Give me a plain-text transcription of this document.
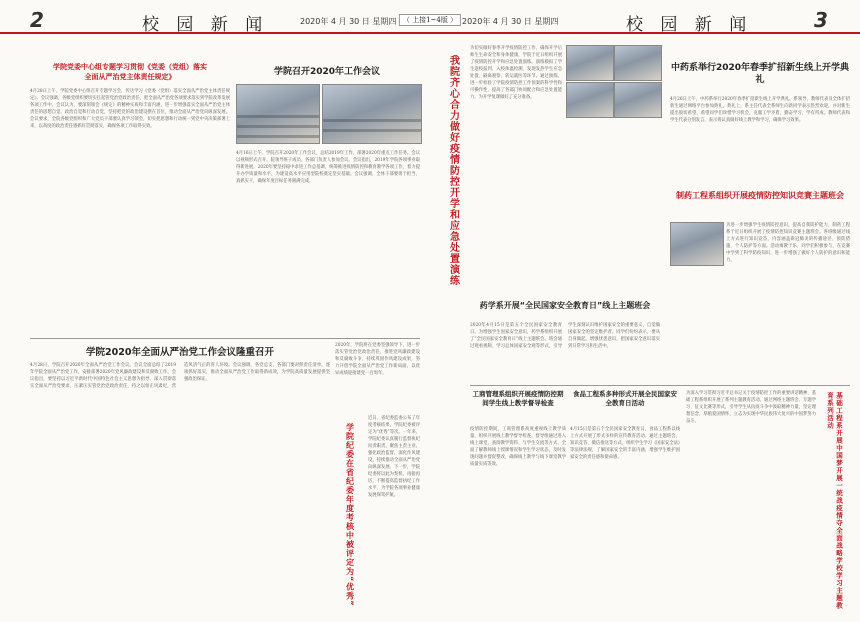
2	校 园 新 闻	2020年 4 月 30 日 星期四
学院党委中心组专题学习贯彻《党委（党组）落实全面从严治党主体责任规定》
4月28日上午，学院党委中心组召开专题学习会，传达学习《党委（党组）落实全面从严治党主体责任规定》。会议强调，各级党组织要切实扛起管党治党政治责任，把全面从严治党各项要求落实到学院改革发展各项工作中。会议认为，要深刻领会《规定》的精神实质和丰富内涵，进一步增强落实全面从严治党主体责任的思想自觉、政治自觉和行动自觉，坚持把党的政治建设摆在首位，推动全面从严治党向纵深发展。会议要求，全院各级党组织和广大党员干部要认真学习领会，切实把思想和行动统一到党中央决策部署上来，以高度的政治责任感抓好贯彻落实，确保各项工作取得实效。
学院召开2020年工作会议
4月16日上午，学院召开2020年工作会议，总结2019年工作，部署2020年重点工作任务。会议以视频形式召开，院领导班子成员、各部门负责人参加会议。会议指出，2019年学院各项事业取得新进展，2020年要坚持稳中求进工作总基调，统筹推进疫情防控和教育教学各项工作，着力提升办学质量和水平，为建设高水平应用型院校奠定坚实基础。会议强调，全体干部要勇于担当、真抓实干，确保年度目标任务圆满完成。
学院2020年全面从严治党工作会议隆重召开
4月28日，学院召开2020年全面从严治党工作会议。会议全面总结了2019年学院全面从严治党工作，安排部署2020年党风廉政建设和反腐败工作。会议指出，要坚持以习近平新时代中国特色社会主义思想为指导，深入贯彻落实全面从严治党要求，压紧压实管党治党政治责任，持之以恒正风肃纪，营造风清气正的育人环境。会议强调，各党总支、各部门要对照责任清单，逐项抓好落实，推动全面从严治党工作取得新成效，为学院高质量发展提供坚强政治保证。
2020年，学院将在党委坚强领导下，进一步落实管党治党政治责任，推进党风廉政建设和反腐败斗争，持续巩固作风建设成果，努力开创学院全面从严治党工作新局面，以优异成绩迎接建党一百周年。
学院纪委在省纪委年度考核中被评定为“优秀”
近日，省纪委监委公布了年度考核结果，学院纪委被评定为“优秀”等次。一年来，学院纪委认真履行监督执纪问责职责，聚焦主责主业，强化政治监督，深化作风建设，持续推动全面从严治党向纵深发展。下一步，学院纪委将以此为契机，再接再厉，不断提高监督执纪工作水平，为学院各项事业健康发展保驾护航。
（ 上接1~4版 ） 2020年 4 月 30 日 星期四	校 园 新 闻	3
我院齐心合力做好疫情防控开学和应急处置演练
为切实做好春季开学疫情防控工作，确保开学后师生生命安全和身体健康，学院于近日组织开展了疫情防控开学和应急处置演练。演练模拟了学生返校报到、入校体温检测、发现发热学生应急处置、隔离观察、转运就医等环节。通过演练，进一步检验了学院疫情防控工作预案的科学性和可操作性，提高了各部门协同配合和应急处置能力，为开学复课做好了充分准备。
中药系举行2020年春季扩招新生线上开学典礼
4月26日上午，中药系举行2020年春季扩招新生线上开学典礼。系领导、教师代表及全体扩招新生通过网络平台参加典礼。典礼上，系主任代表全系师生向新同学表示热烈欢迎，并对新生提出殷切希望，希望同学们珍惜学习机会，克服工学矛盾，勤奋学习，学有所成。教师代表和学生代表分别发言，表示将认真做好线上教学和学习，确保学习效果。
制药工程系组织开展疫情防控知识竞赛主题班会
为进一步增强学生疫情防控意识，提高自我防护能力，制药工程系于近日组织开展了疫情防控知识竞赛主题班会。各班级通过线上方式进行知识竞答，内容涵盖新冠肺炎的传播途径、预防措施、个人防护等方面。活动寓教于乐，同学们积极参与，在竞赛中学到了科学防疫知识，进一步增强了做好个人防护的意识和能力。
药学系开展“全民国家安全教育日”线上主题班会
2020年4月15日是第五个全民国家安全教育日。为增强学生国家安全意识，药学系组织开展了“全民国家安全教育日”线上主题班会。班会通过观看视频、学习总体国家安全观等形式，引导学生深刻认识维护国家安全的重要意义，自觉做国家安全的坚定维护者。同学们纷纷表示，要从自身做起，增强忧患意识，把国家安全意识落实到日常学习和生活中。
工商管理系组织开展疫情防控期间学生线上教学督导检查
疫情防控期间，工商管理系高度重视线上教学质量，组织开展线上教学督导检查。督导组通过进入线上课堂、查阅教学资料、与学生交流等方式，全面了解教师线上授课情况和学生学习状态，及时发现问题并督促整改，确保线上教学与线下课堂教学质量实质等效。
食品工程系多种形式开展全民国家安全教育日活动
4月15日是第五个全民国家安全教育日，食品工程系以线上方式开展了形式多样的宣传教育活动。通过主题班会、知识竞答、微信推送等方式，组织学生学习《国家安全法》等法律法规，了解国家安全的丰富内涵，增强学生维护国家安全的责任感和使命感。
为深入学习贯彻习近平总书记关于疫情防控工作的重要讲话精神，基础工程系组织开展了系列主题教育活动。通过网络主题班会、专题学习、征文比赛等形式，引导学生从抗疫斗争中汲取精神力量，坚定理想信念，厚植爱国情怀，立志为实现中华民族伟大复兴的中国梦努力奋斗。	基础工程系开展中国梦开展一统战疫情夺全面战略学校学习主题教育系列活动
